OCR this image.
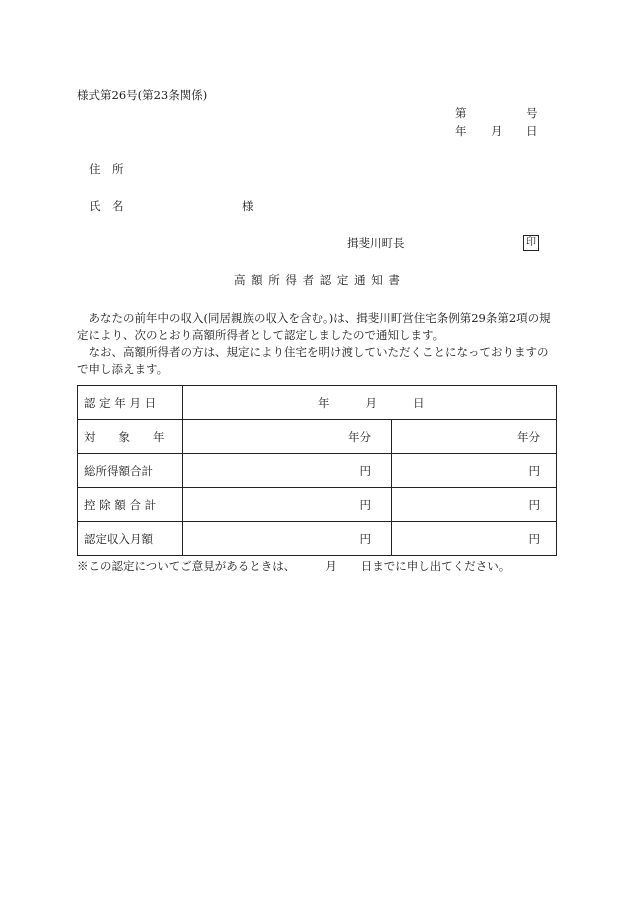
様式第26号(第23条関係)
第	号
年 月 日
住　所
氏　名	様
揖斐川町長	印
高 額 所 得 者 認 定 通 知 書
　あなたの前年中の収入(同居親族の収入を含む。)は、揖斐川町営住宅条例第29条第2項の規定により、次のとおり高額所得者として認定しましたので通知します。
　なお、高額所得者の方は、規定により住宅を明け渡していただくことになっておりますので申し添えます。
認 定 年 月 日	年 月 日	
対　　象　　年	年分	年分
総所得額合計	円	円
控 除 額 合 計	円	円
認定収入月額	円	円
※この認定についてご意見があるときは、	月 日までに申し出てください。
